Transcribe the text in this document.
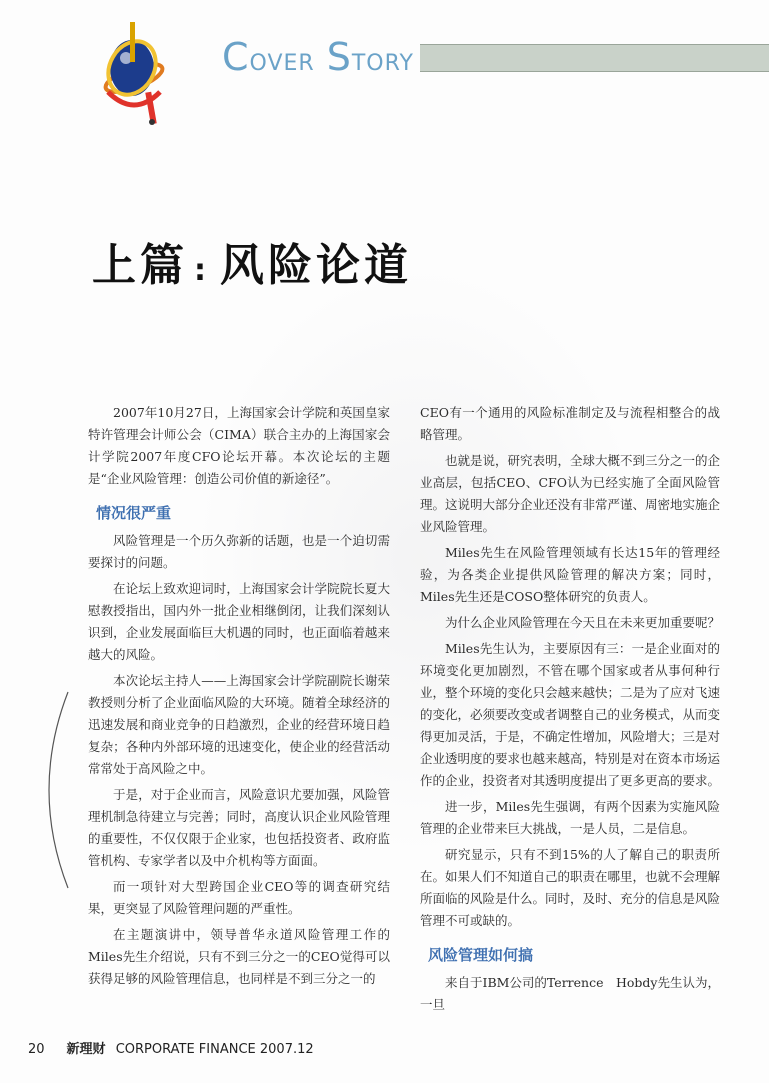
COVER STORY
上篇 : 风险论道

2007年10月27日，上海国家会计学院和英国皇家特许管理会计师公会（CIMA）联合主办的上海国家会计学院2007年度CFO论坛开幕。本次论坛的主题是“企业风险管理：创造公司价值的新途径”。

情况很严重

风险管理是一个历久弥新的话题，也是一个迫切需要探讨的问题。

在论坛上致欢迎词时，上海国家会计学院院长夏大慰教授指出，国内外一批企业相继倒闭，让我们深刻认识到，企业发展面临巨大机遇的同时，也正面临着越来越大的风险。

本次论坛主持人——上海国家会计学院副院长谢荣教授则分析了企业面临风险的大环境。随着全球经济的迅速发展和商业竞争的日趋激烈，企业的经营环境日趋复杂；各种内外部环境的迅速变化，使企业的经营活动常常处于高风险之中。

于是，对于企业而言，风险意识尤要加强，风险管理机制急待建立与完善；同时，高度认识企业风险管理的重要性，不仅仅限于企业家，也包括投资者、政府监管机构、专家学者以及中介机构等方面面。

而一项针对大型跨国企业CEO等的调查研究结果，更突显了风险管理问题的严重性。

在主题演讲中，领导普华永道风险管理工作的Miles先生介绍说，只有不到三分之一的CEO觉得可以获得足够的风险管理信息，也同样是不到三分之一的

CEO有一个通用的风险标准制定及与流程相整合的战略管理。

也就是说，研究表明，全球大概不到三分之一的企业高层，包括CEO、CFO认为已经实施了全面风险管理。这说明大部分企业还没有非常严谨、周密地实施企业风险管理。

Miles先生在风险管理领域有长达15年的管理经验，为各类企业提供风险管理的解决方案；同时，Miles先生还是COSO整体研究的负责人。

为什么企业风险管理在今天且在未来更加重要呢？

Miles先生认为，主要原因有三：一是企业面对的环境变化更加剧烈，不管在哪个国家或者从事何种行业，整个环境的变化只会越来越快；二是为了应对飞速的变化，必须要改变或者调整自己的业务模式，从而变得更加灵活，于是，不确定性增加，风险增大；三是对企业透明度的要求也越来越高，特别是对在资本市场运作的企业，投资者对其透明度提出了更多更高的要求。

进一步，Miles先生强调，有两个因素为实施风险管理的企业带来巨大挑战，一是人员，二是信息。

研究显示，只有不到15%的人了解自己的职责所在。如果人们不知道自己的职责在哪里，也就不会理解所面临的风险是什么。同时，及时、充分的信息是风险管理不可或缺的。

风险管理如何搞

来自于IBM公司的Terrence　Hobdy先生认为，一旦

20 新理财 CORPORATE FINANCE 2007.12
